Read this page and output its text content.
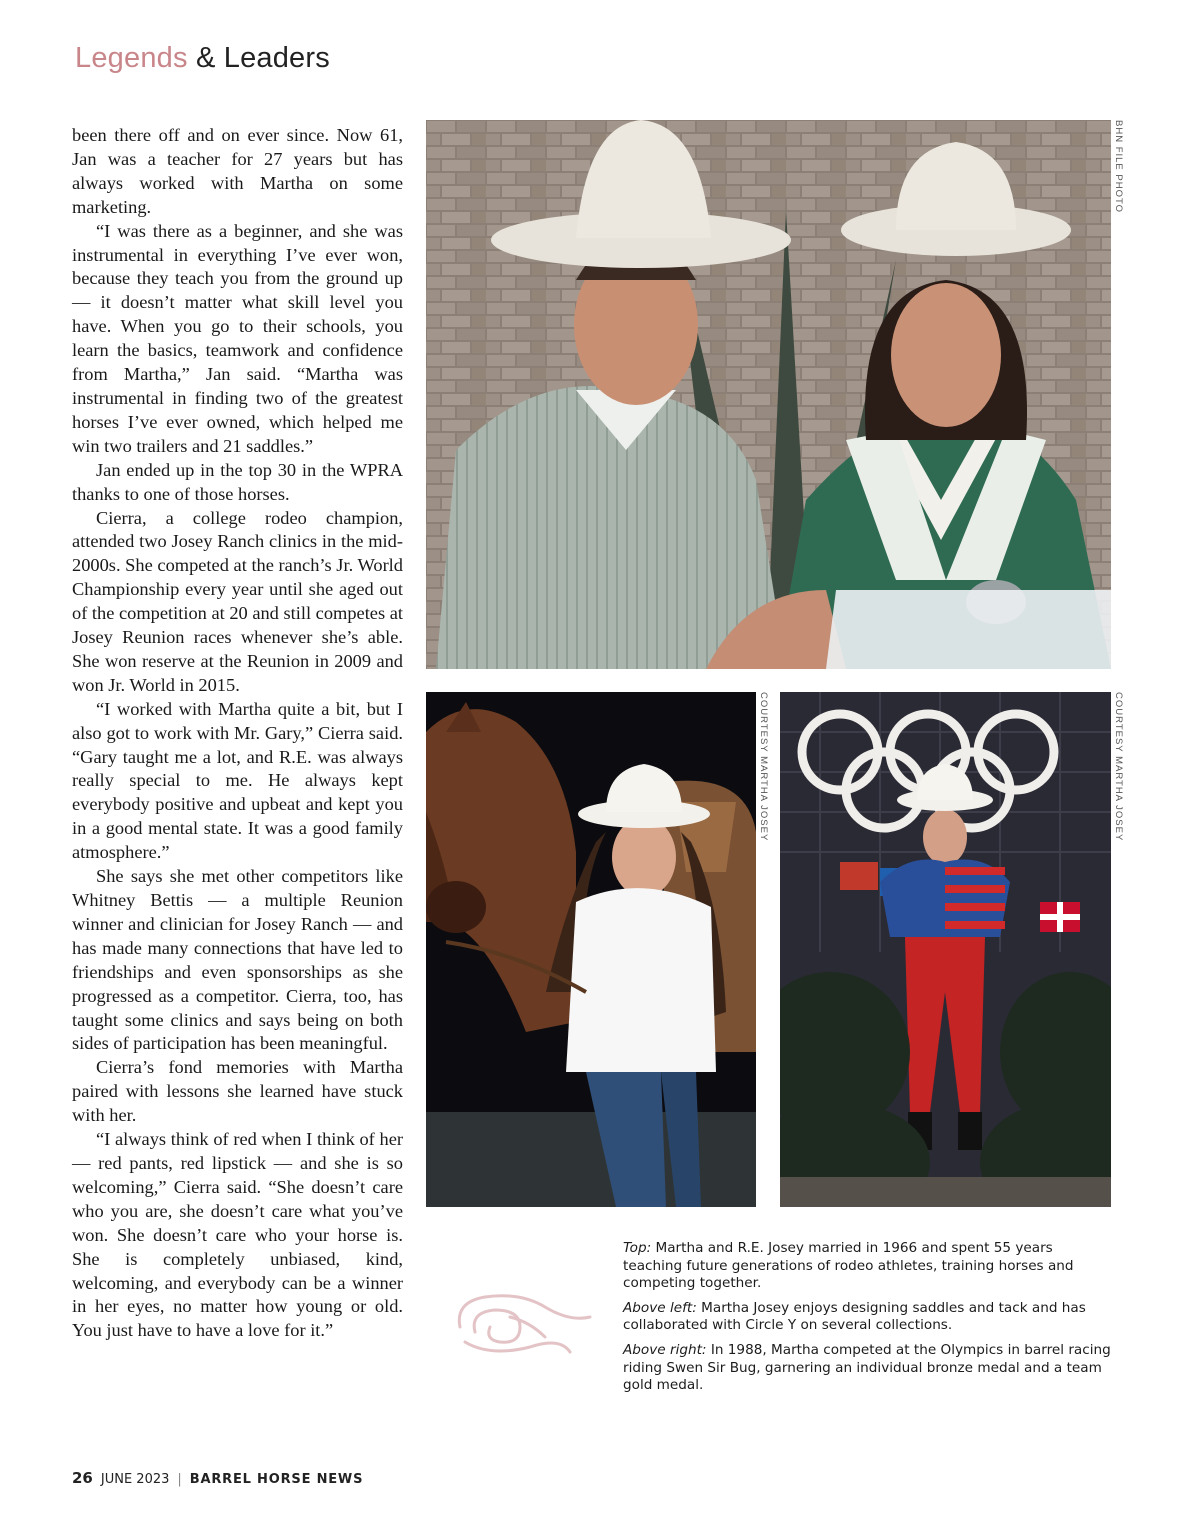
Legends & Leaders

been there off and on ever since. Now 61, Jan was a teacher for 27 years but has always worked with Martha on some marketing.

“I was there as a beginner, and she was instrumental in everything I’ve ever won, because they teach you from the ground up — it doesn’t matter what skill level you have. When you go to their schools, you learn the basics, teamwork and confidence from Martha,” Jan said. “Martha was instrumental in finding two of the greatest horses I’ve ever owned, which helped me win two trailers and 21 saddles.”

Jan ended up in the top 30 in the WPRA thanks to one of those horses.

Cierra, a college rodeo champion, attended two Josey Ranch clinics in the mid-2000s. She competed at the ranch’s Jr. World Championship every year until she aged out of the competition at 20 and still competes at Josey Reunion races whenever she’s able. She won reserve at the Reunion in 2009 and won Jr. World in 2015.

“I worked with Martha quite a bit, but I also got to work with Mr. Gary,” Cierra said. “Gary taught me a lot, and R.E. was always really special to me. He always kept everybody positive and upbeat and kept you in a good mental state. It was a good family atmosphere.”

She says she met other competitors like Whitney Bettis — a multiple Reunion winner and clinician for Josey Ranch — and has made many connections that have led to friendships and even sponsorships as she progressed as a competitor. Cierra, too, has taught some clinics and says being on both sides of participation has been meaningful.

Cierra’s fond memories with Martha paired with lessons she learned have stuck with her.

“I always think of red when I think of her — red pants, red lipstick — and she is so welcoming,” Cierra said. “She doesn’t care who you are, she doesn’t care what you’ve won. She doesn’t care who your horse is. She is completely unbiased, kind, welcoming, and everybody can be a winner in her eyes, no matter how young or old. You just have to have a love for it.”

BHN FILE PHOTO
COURTESY MARTHA JOSEY	COURTESY MARTHA JOSEY

Top: Martha and R.E. Josey married in 1966 and spent 55 years teaching future generations of rodeo athletes, training horses and competing together.

Above left: Martha Josey enjoys designing saddles and tack and has collaborated with Circle Y on several collections.

Above right: In 1988, Martha competed at the Olympics in barrel racing riding Swen Sir Bug, garnering an individual bronze medal and a team gold medal.

26 JUNE 2023 | BARREL HORSE NEWS
